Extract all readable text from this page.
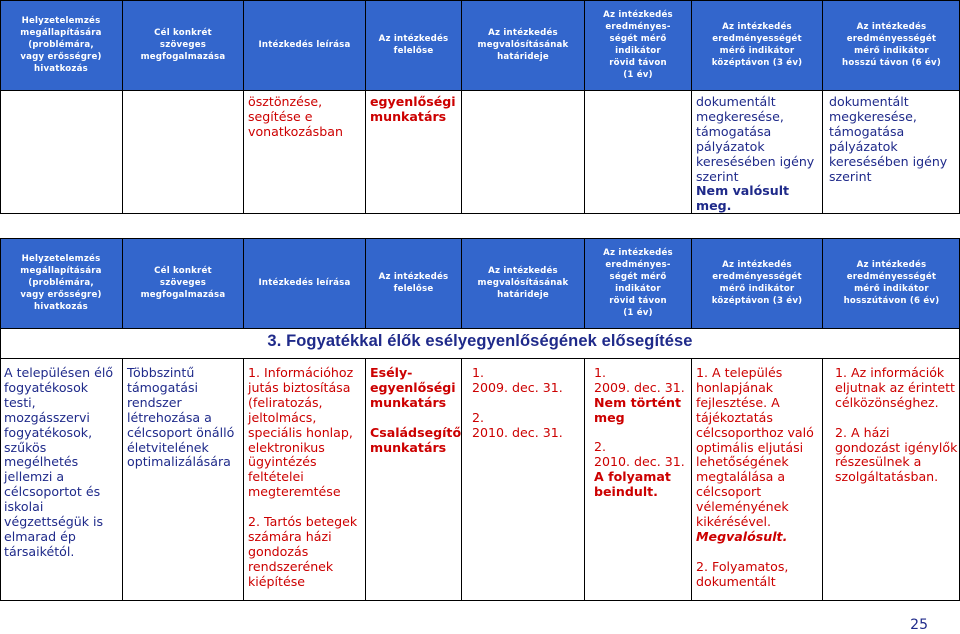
Helyzetelemzés
megállapítására
(problémára,
vagy erősségre)
hivatkozás
Cél konkrét
szöveges
megfogalmazása
Intézkedés leírása
Az intézkedés
felelőse
Az intézkedés
megvalósításának
határideje
Az intézkedés
eredményes-
ségét mérő
indikátor
rövid távon
(1 év)
Az intézkedés
eredményességét
mérő indikátor
középtávon (3 év)
Az intézkedés
eredményességét
mérő indikátor
hosszú távon (6 év)
ösztönzése,
segítése e
vonatkozásban
egyenlőségi
munkatárs
dokumentált
megkeresése,
támogatása
pályázatok
keresésében igény
szerint
Nem valósult
meg.
dokumentált
megkeresése,
támogatása
pályázatok
keresésében igény
szerint
Helyzetelemzés
megállapítására
(problémára,
vagy erősségre)
hivatkozás
Cél konkrét
szöveges
megfogalmazása
Intézkedés leírása
Az intézkedés
felelőse
Az intézkedés
megvalósításának
határideje
Az intézkedés
eredményes-
ségét mérő
indikátor
rövid távon
(1 év)
Az intézkedés
eredményességét
mérő indikátor
középtávon (3 év)
Az intézkedés
eredményességét
mérő indikátor
hosszútávon (6 év)
3. Fogyatékkal élők esélyegyenlőségének elősegítése
A településen élő
fogyatékosok
testi,
mozgásszervi
fogyatékosok,
szűkös
megélhetés
jellemzi a
célcsoportot és
iskolai
végzettségük is
elmarad ép
társaikétól.
Többszintű
támogatási
rendszer
létrehozása a
célcsoport önálló
életvitelének
optimalizálására
1. Információhoz
jutás biztosítása
(feliratozás,
jeltolmács,
speciális honlap,
elektronikus
ügyintézés
feltételei
megteremtése

2. Tartós betegek
számára házi
gondozás
rendszerének
kiépítése
Esély-
egyenlőségi
munkatárs

Családsegítő
munkatárs
1.
2009. dec. 31.

2.
2010. dec. 31.
1.
2009. dec. 31.
Nem történt
meg
2.
2010. dec. 31.
A folyamat
beindult.
1. A település
honlapjának
fejlesztése. A
tájékoztatás
célcsoporthoz való
optimális eljutási
lehetőségének
megtalálása a
célcsoport
véleményének
kikérésével.
Megvalósult.
2. Folyamatos,
dokumentált
1. Az információk
eljutnak az érintett
célközönséghez.

2. A házi
gondozást igénylők
részesülnek a
szolgáltatásban.
25
